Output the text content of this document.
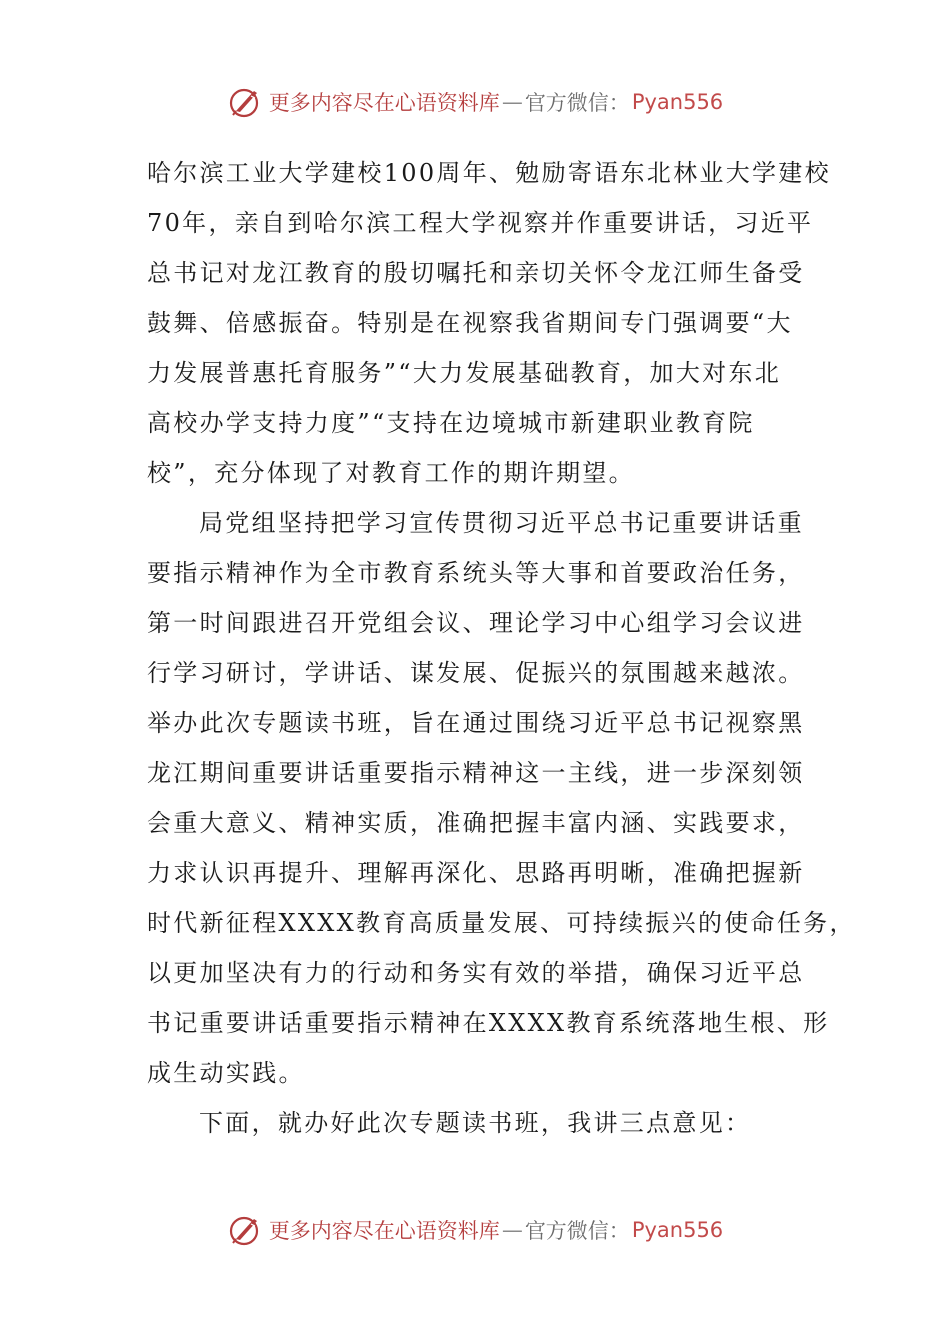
更多内容尽在心语资料库 — 官方微信： Pyan556
哈尔滨工业大学建校100周年、勉励寄语东北林业大学建校
70年，亲自到哈尔滨工程大学视察并作重要讲话，习近平
总书记对龙江教育的殷切嘱托和亲切关怀令龙江师生备受
鼓舞、倍感振奋。特别是在视察我省期间专门强调要“大
力发展普惠托育服务”“大力发展基础教育，加大对东北
高校办学支持力度”“支持在边境城市新建职业教育院
校”，充分体现了对教育工作的期许期望。
局党组坚持把学习宣传贯彻习近平总书记重要讲话重
要指示精神作为全市教育系统头等大事和首要政治任务，
第一时间跟进召开党组会议、理论学习中心组学习会议进
行学习研讨，学讲话、谋发展、促振兴的氛围越来越浓。
举办此次专题读书班，旨在通过围绕习近平总书记视察黑
龙江期间重要讲话重要指示精神这一主线，进一步深刻领
会重大意义、精神实质，准确把握丰富内涵、实践要求，
力求认识再提升、理解再深化、思路再明晰，准确把握新
时代新征程XXXX教育高质量发展、可持续振兴的使命任务，
以更加坚决有力的行动和务实有效的举措，确保习近平总
书记重要讲话重要指示精神在XXXX教育系统落地生根、形
成生动实践。
下面，就办好此次专题读书班，我讲三点意见：
更多内容尽在心语资料库 — 官方微信： Pyan556
